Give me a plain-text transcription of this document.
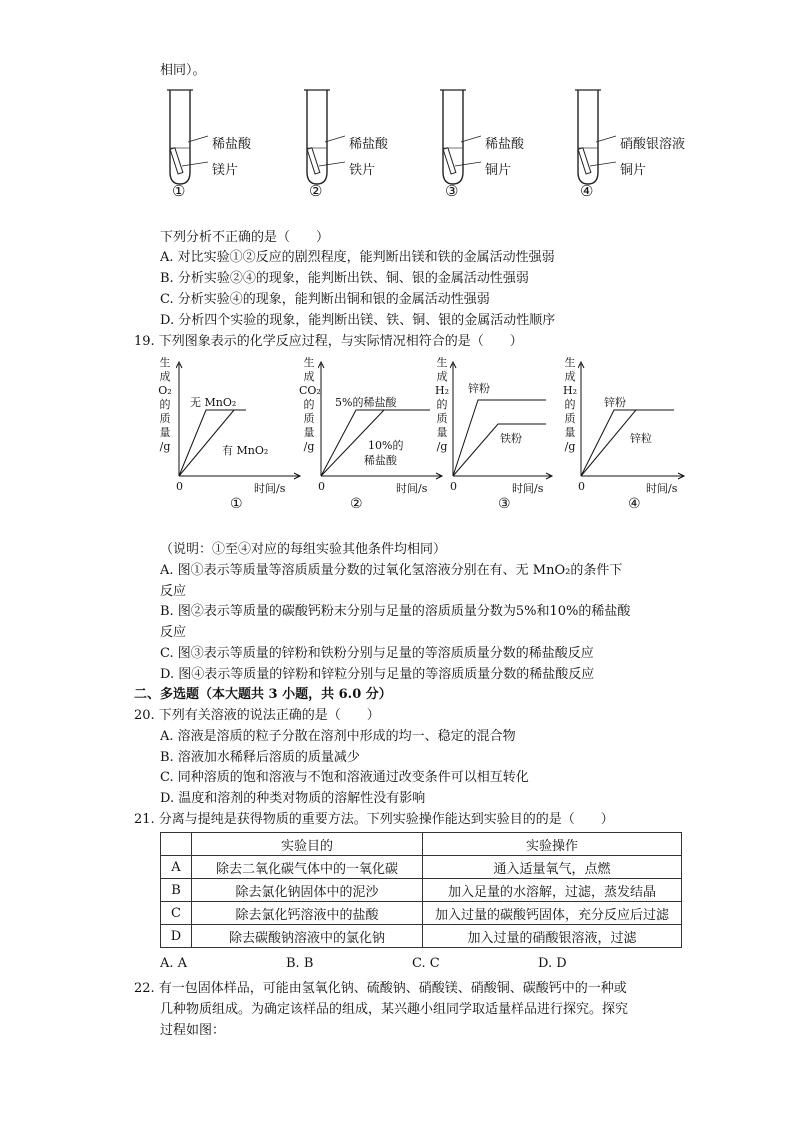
相同）。
稀盐酸
镁片
①
稀盐酸
铁片
②
稀盐酸
铜片
③
硝酸银溶液
铜片
④
下列分析不正确的是（　　）
A. 对比实验①②反应的剧烈程度，能判断出镁和铁的金属活动性强弱
B. 分析实验②④的现象，能判断出铁、铜、银的金属活动性强弱
C. 分析实验④的现象，能判断出铜和银的金属活动性强弱
D. 分析四个实验的现象，能判断出镁、铁、铜、银的金属活动性顺序
19. 下列图象表示的化学反应过程，与实际情况相符合的是（　　）
生
成
O₂
的
质
量
/g
无 MnO₂
有 MnO₂
0	时间/s
①
生
成
CO₂
的
质
量
/g
5%的稀盐酸
10%的
稀盐酸
0	时间/s
②
生
成
H₂
的
质
量
/g
锌粉
铁粉
0	时间/s
③
生
成
H₂
的
质
量
/g
锌粉
锌粒
0	时间/s
④
（说明：①至④对应的每组实验其他条件均相同）
A. 图①表示等质量等溶质质量分数的过氧化氢溶液分别在有、无 MnO₂的条件下
反应
B. 图②表示等质量的碳酸钙粉末分别与足量的溶质质量分数为5%和10%的稀盐酸
反应
C. 图③表示等质量的锌粉和铁粉分别与足量的等溶质质量分数的稀盐酸反应
D. 图④表示等质量的锌粉和锌粒分别与足量的等溶质质量分数的稀盐酸反应
二、多选题（本大题共 3 小题，共 6.0 分）
20. 下列有关溶液的说法正确的是（　　）
A. 溶液是溶质的粒子分散在溶剂中形成的均一、稳定的混合物
B. 溶液加水稀释后溶质的质量减少
C. 同种溶质的饱和溶液与不饱和溶液通过改变条件可以相互转化
D. 温度和溶剂的种类对物质的溶解性没有影响
21. 分离与提纯是获得物质的重要方法。下列实验操作能达到实验目的的是（　　）
	实验目的	实验操作
A	除去二氧化碳气体中的一氧化碳	通入适量氧气，点燃
B	除去氯化钠固体中的泥沙	加入足量的水溶解，过滤，蒸发结晶
C	除去氯化钙溶液中的盐酸	加入过量的碳酸钙固体，充分反应后过滤
D	除去碳酸钠溶液中的氯化钠	加入过量的硝酸银溶液，过滤
A. A	B. B	C. C	D. D
22. 有一包固体样品，可能由氢氧化钠、硫酸钠、硝酸镁、硝酸铜、碳酸钙中的一种或
几种物质组成。为确定该样品的组成，某兴趣小组同学取适量样品进行探究。探究
过程如图：
